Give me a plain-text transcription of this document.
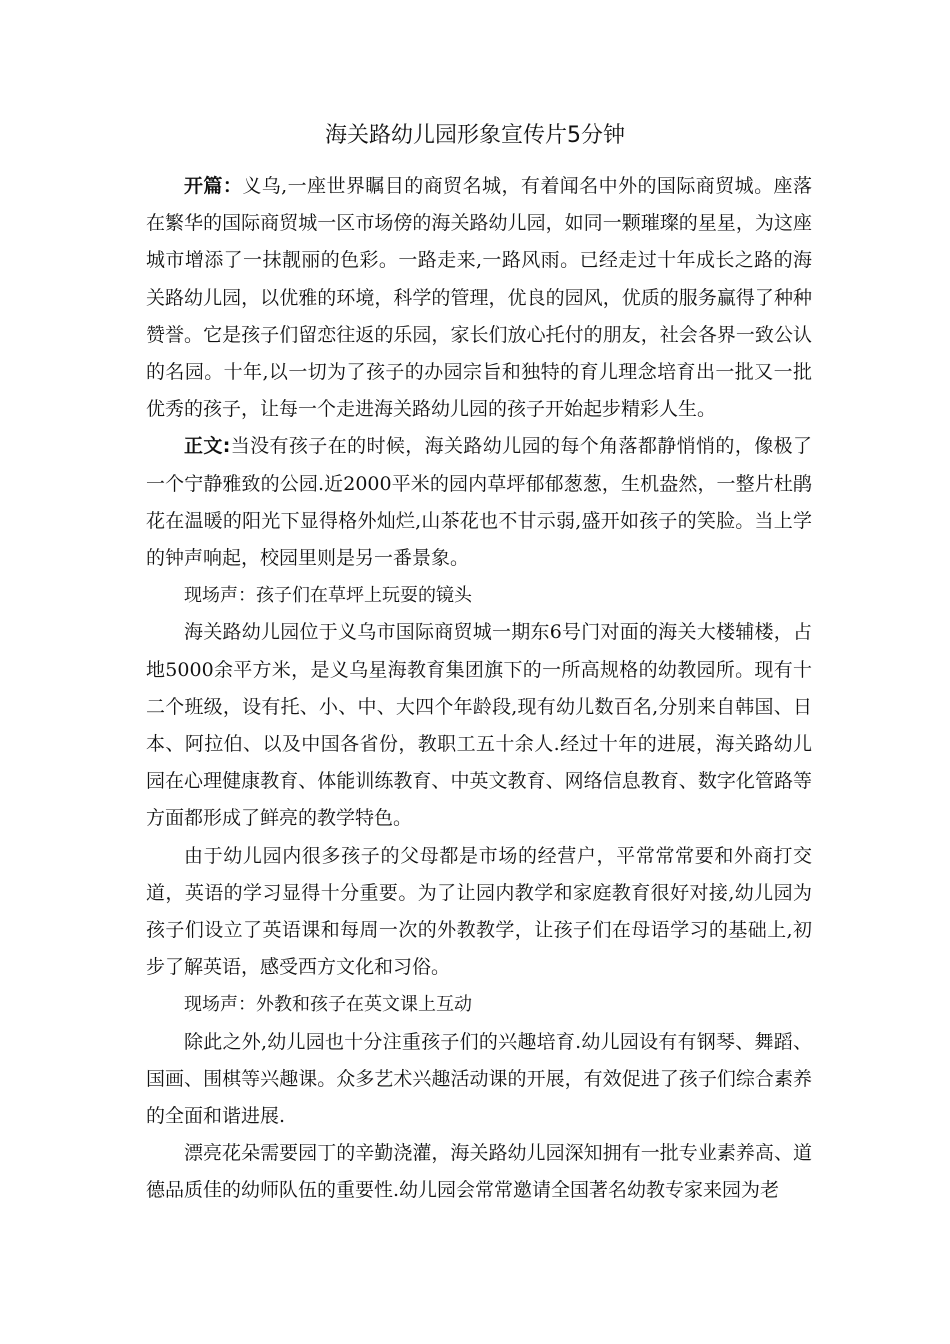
海关路幼儿园形象宣传片5分钟

开篇：义乌,一座世界瞩目的商贸名城，有着闻名中外的国际商贸城。座落在繁华的国际商贸城一区市场傍的海关路幼儿园，如同一颗璀璨的星星，为这座城市增添了一抹靓丽的色彩。一路走来,一路风雨。已经走过十年成长之路的海关路幼儿园，以优雅的环境，科学的管理，优良的园风，优质的服务赢得了种种赞誉。它是孩子们留恋往返的乐园，家长们放心托付的朋友，社会各界一致公认的名园。十年,以一切为了孩子的办园宗旨和独特的育儿理念培育出一批又一批优秀的孩子，让每一个走进海关路幼儿园的孩子开始起步精彩人生。

正文:当没有孩子在的时候，海关路幼儿园的每个角落都静悄悄的，像极了一个宁静雅致的公园.近2000平米的园内草坪郁郁葱葱，生机盎然，一整片杜鹃花在温暖的阳光下显得格外灿烂,山茶花也不甘示弱,盛开如孩子的笑脸。当上学的钟声响起，校园里则是另一番景象。

现场声：孩子们在草坪上玩耍的镜头

海关路幼儿园位于义乌市国际商贸城一期东6号门对面的海关大楼辅楼，占地5000余平方米，是义乌星海教育集团旗下的一所高规格的幼教园所。现有十二个班级，设有托、小、中、大四个年龄段,现有幼儿数百名,分别来自韩国、日本、阿拉伯、以及中国各省份，教职工五十余人.经过十年的进展，海关路幼儿园在心理健康教育、体能训练教育、中英文教育、网络信息教育、数字化管路等方面都形成了鲜亮的教学特色。

由于幼儿园内很多孩子的父母都是市场的经营户，平常常常要和外商打交道，英语的学习显得十分重要。为了让园内教学和家庭教育很好对接,幼儿园为孩子们设立了英语课和每周一次的外教教学，让孩子们在母语学习的基础上,初步了解英语，感受西方文化和习俗。

现场声：外教和孩子在英文课上互动

除此之外,幼儿园也十分注重孩子们的兴趣培育.幼儿园设有有钢琴、舞蹈、国画、围棋等兴趣课。众多艺术兴趣活动课的开展，有效促进了孩子们综合素养的全面和谐进展.

漂亮花朵需要园丁的辛勤浇灌，海关路幼儿园深知拥有一批专业素养高、道德品质佳的幼师队伍的重要性.幼儿园会常常邀请全国著名幼教专家来园为老
